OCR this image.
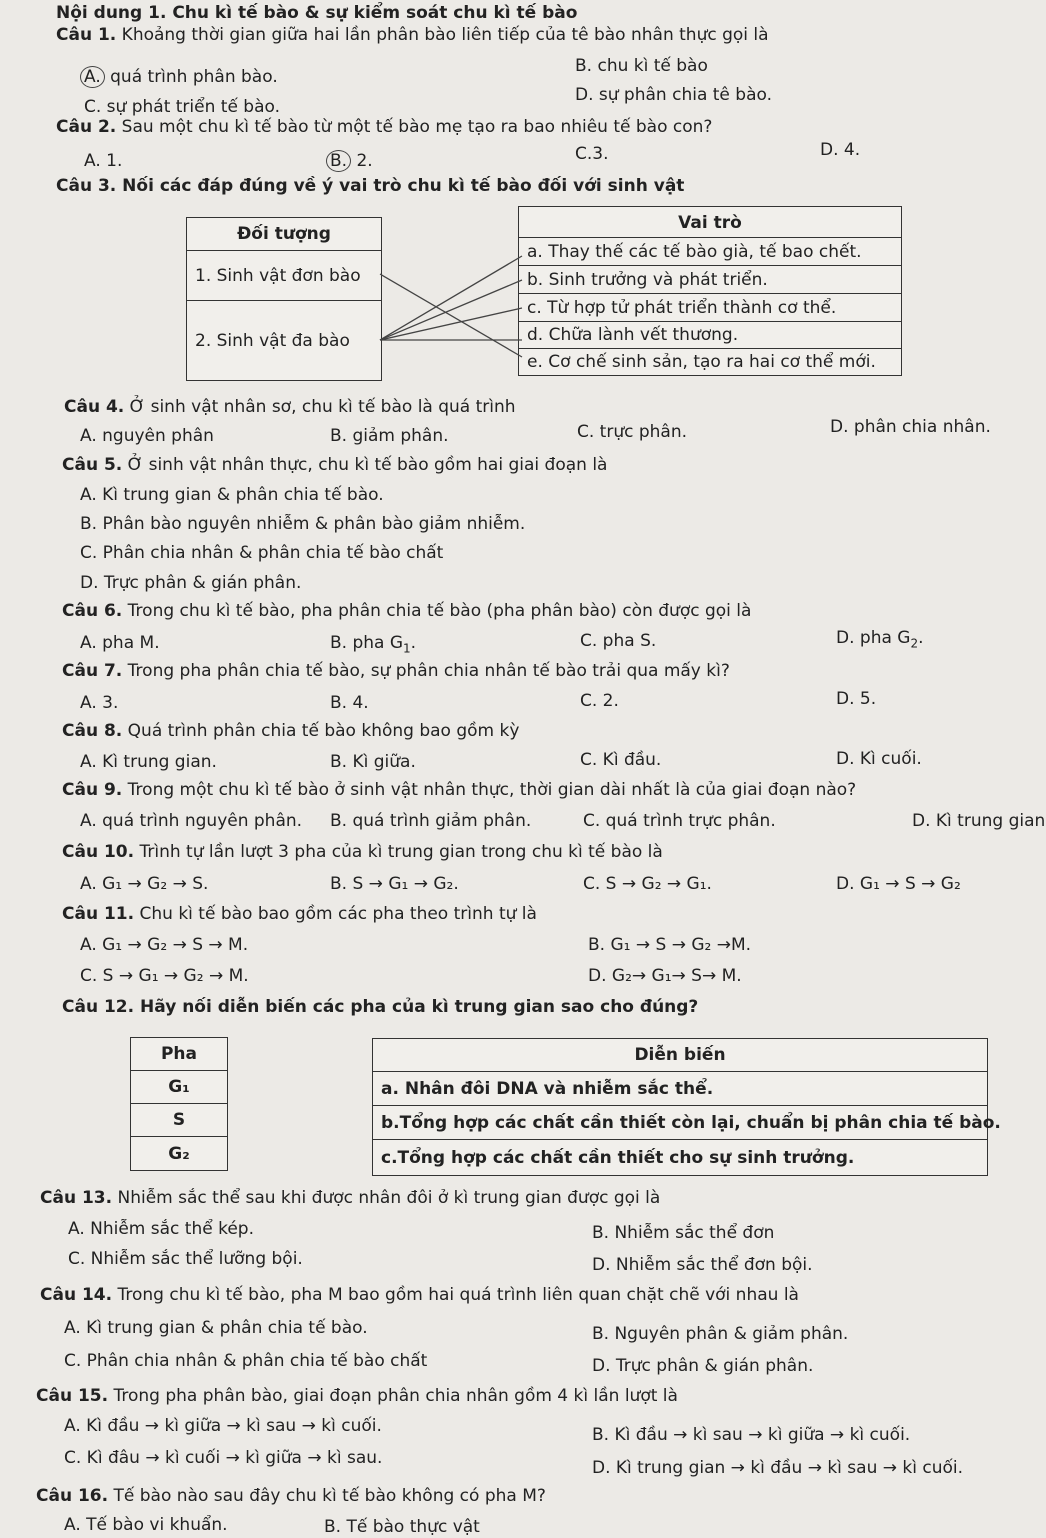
Nội dung 1. Chu kì tế bào & sự kiểm soát chu kì tế bào
Câu 1. Khoảng thời gian giữa hai lần phân bào liên tiếp của tê bào nhân thực gọi là
A. quá trình phân bào.
B. chu kì tế bào
C. sự phát triển tế bào.
D. sự phân chia tê bào.
Câu 2. Sau một chu kì tế bào từ một tế bào mẹ tạo ra bao nhiêu tế bào con?
A. 1.	B. 2.	C.3.	D. 4.
Câu 3. Nối các đáp đúng về ý vai trò chu kì tế bào đối với sinh vật
Đối tượng
1. Sinh vật đơn bào
2. Sinh vật đa bào
Vai trò
a. Thay thế các tế bào già, tế bao chết.
b. Sinh trưởng và phát triển.
c. Từ hợp tử phát triển thành cơ thể.
d. Chữa lành vết thương.
e. Cơ chế sinh sản, tạo ra hai cơ thể mới.
Câu 4. Ở sinh vật nhân sơ, chu kì tế bào là quá trình
A. nguyên phân	B. giảm phân.	C. trực phân.	D. phân chia nhân.
Câu 5. Ở sinh vật nhân thực, chu kì tế bào gồm hai giai đoạn là
A. Kì trung gian & phân chia tế bào.
B. Phân bào nguyên nhiễm & phân bào giảm nhiễm.
C. Phân chia nhân & phân chia tế bào chất
D. Trực phân & gián phân.
Câu 6. Trong chu kì tế bào, pha phân chia tế bào (pha phân bào) còn được gọi là
A. pha M.	B. pha $G_1$.	C. pha S.	D. pha $G_2$.
Câu 7. Trong pha phân chia tế bào, sự phân chia nhân tế bào trải qua mấy kì?
A. 3.	B. 4.	C. 2.	D. 5.
Câu 8. Quá trình phân chia tế bào không bao gồm kỳ
A. Kì trung gian.	B. Kì giữa.	C. Kì đầu.	D. Kì cuối.
Câu 9. Trong một chu kì tế bào ở sinh vật nhân thực, thời gian dài nhất là của giai đoạn nào?
A. quá trình nguyên phân. B. quá trình giảm phân.	C. quá trình trực phân.	D. Kì trung gian
Câu 10. Trình tự lần lượt 3 pha của kì trung gian trong chu kì tế bào là
A. G₁ → G₂ → S.	B. S → G₁ → G₂.	C. S → G₂ → G₁.	D. G₁ → S → G₂
Câu 11. Chu kì tế bào bao gồm các pha theo trình tự là
A. G₁ → G₂ → S → M.	B. G₁ → S → G₂ →M.
C. S → G₁ → G₂ → M.	D. G₂→ G₁→ S→ M.
Câu 12. Hãy nối diễn biến các pha của kì trung gian sao cho đúng?
Pha
G₁
S
G₂
Diễn biến
a. Nhân đôi DNA và nhiễm sắc thể.
b.Tổng hợp các chất cần thiết còn lại, chuẩn bị phân chia tế bào.
c.Tổng hợp các chất cần thiết cho sự sinh trưởng.
Câu 13. Nhiễm sắc thể sau khi được nhân đôi ở kì trung gian được gọi là
A. Nhiễm sắc thể kép.	B. Nhiễm sắc thể đơn
C. Nhiễm sắc thể lưỡng bội.	D. Nhiễm sắc thể đơn bội.
Câu 14. Trong chu kì tế bào, pha M bao gồm hai quá trình liên quan chặt chẽ với nhau là
A. Kì trung gian & phân chia tế bào.	B. Nguyên phân & giảm phân.
C. Phân chia nhân & phân chia tế bào chất	D. Trực phân & gián phân.
Câu 15. Trong pha phân bào, giai đoạn phân chia nhân gồm 4 kì lần lượt là
A. Kì đầu → kì giữa → kì sau → kì cuối.	B. Kì đầu → kì sau → kì giữa → kì cuối.
C. Kì đâu → kì cuối → kì giữa → kì sau.	D. Kì trung gian → kì đầu → kì sau → kì cuối.
Câu 16. Tế bào nào sau đây chu kì tế bào không có pha M?
A. Tế bào vi khuẩn.	B. Tế bào thực vật
